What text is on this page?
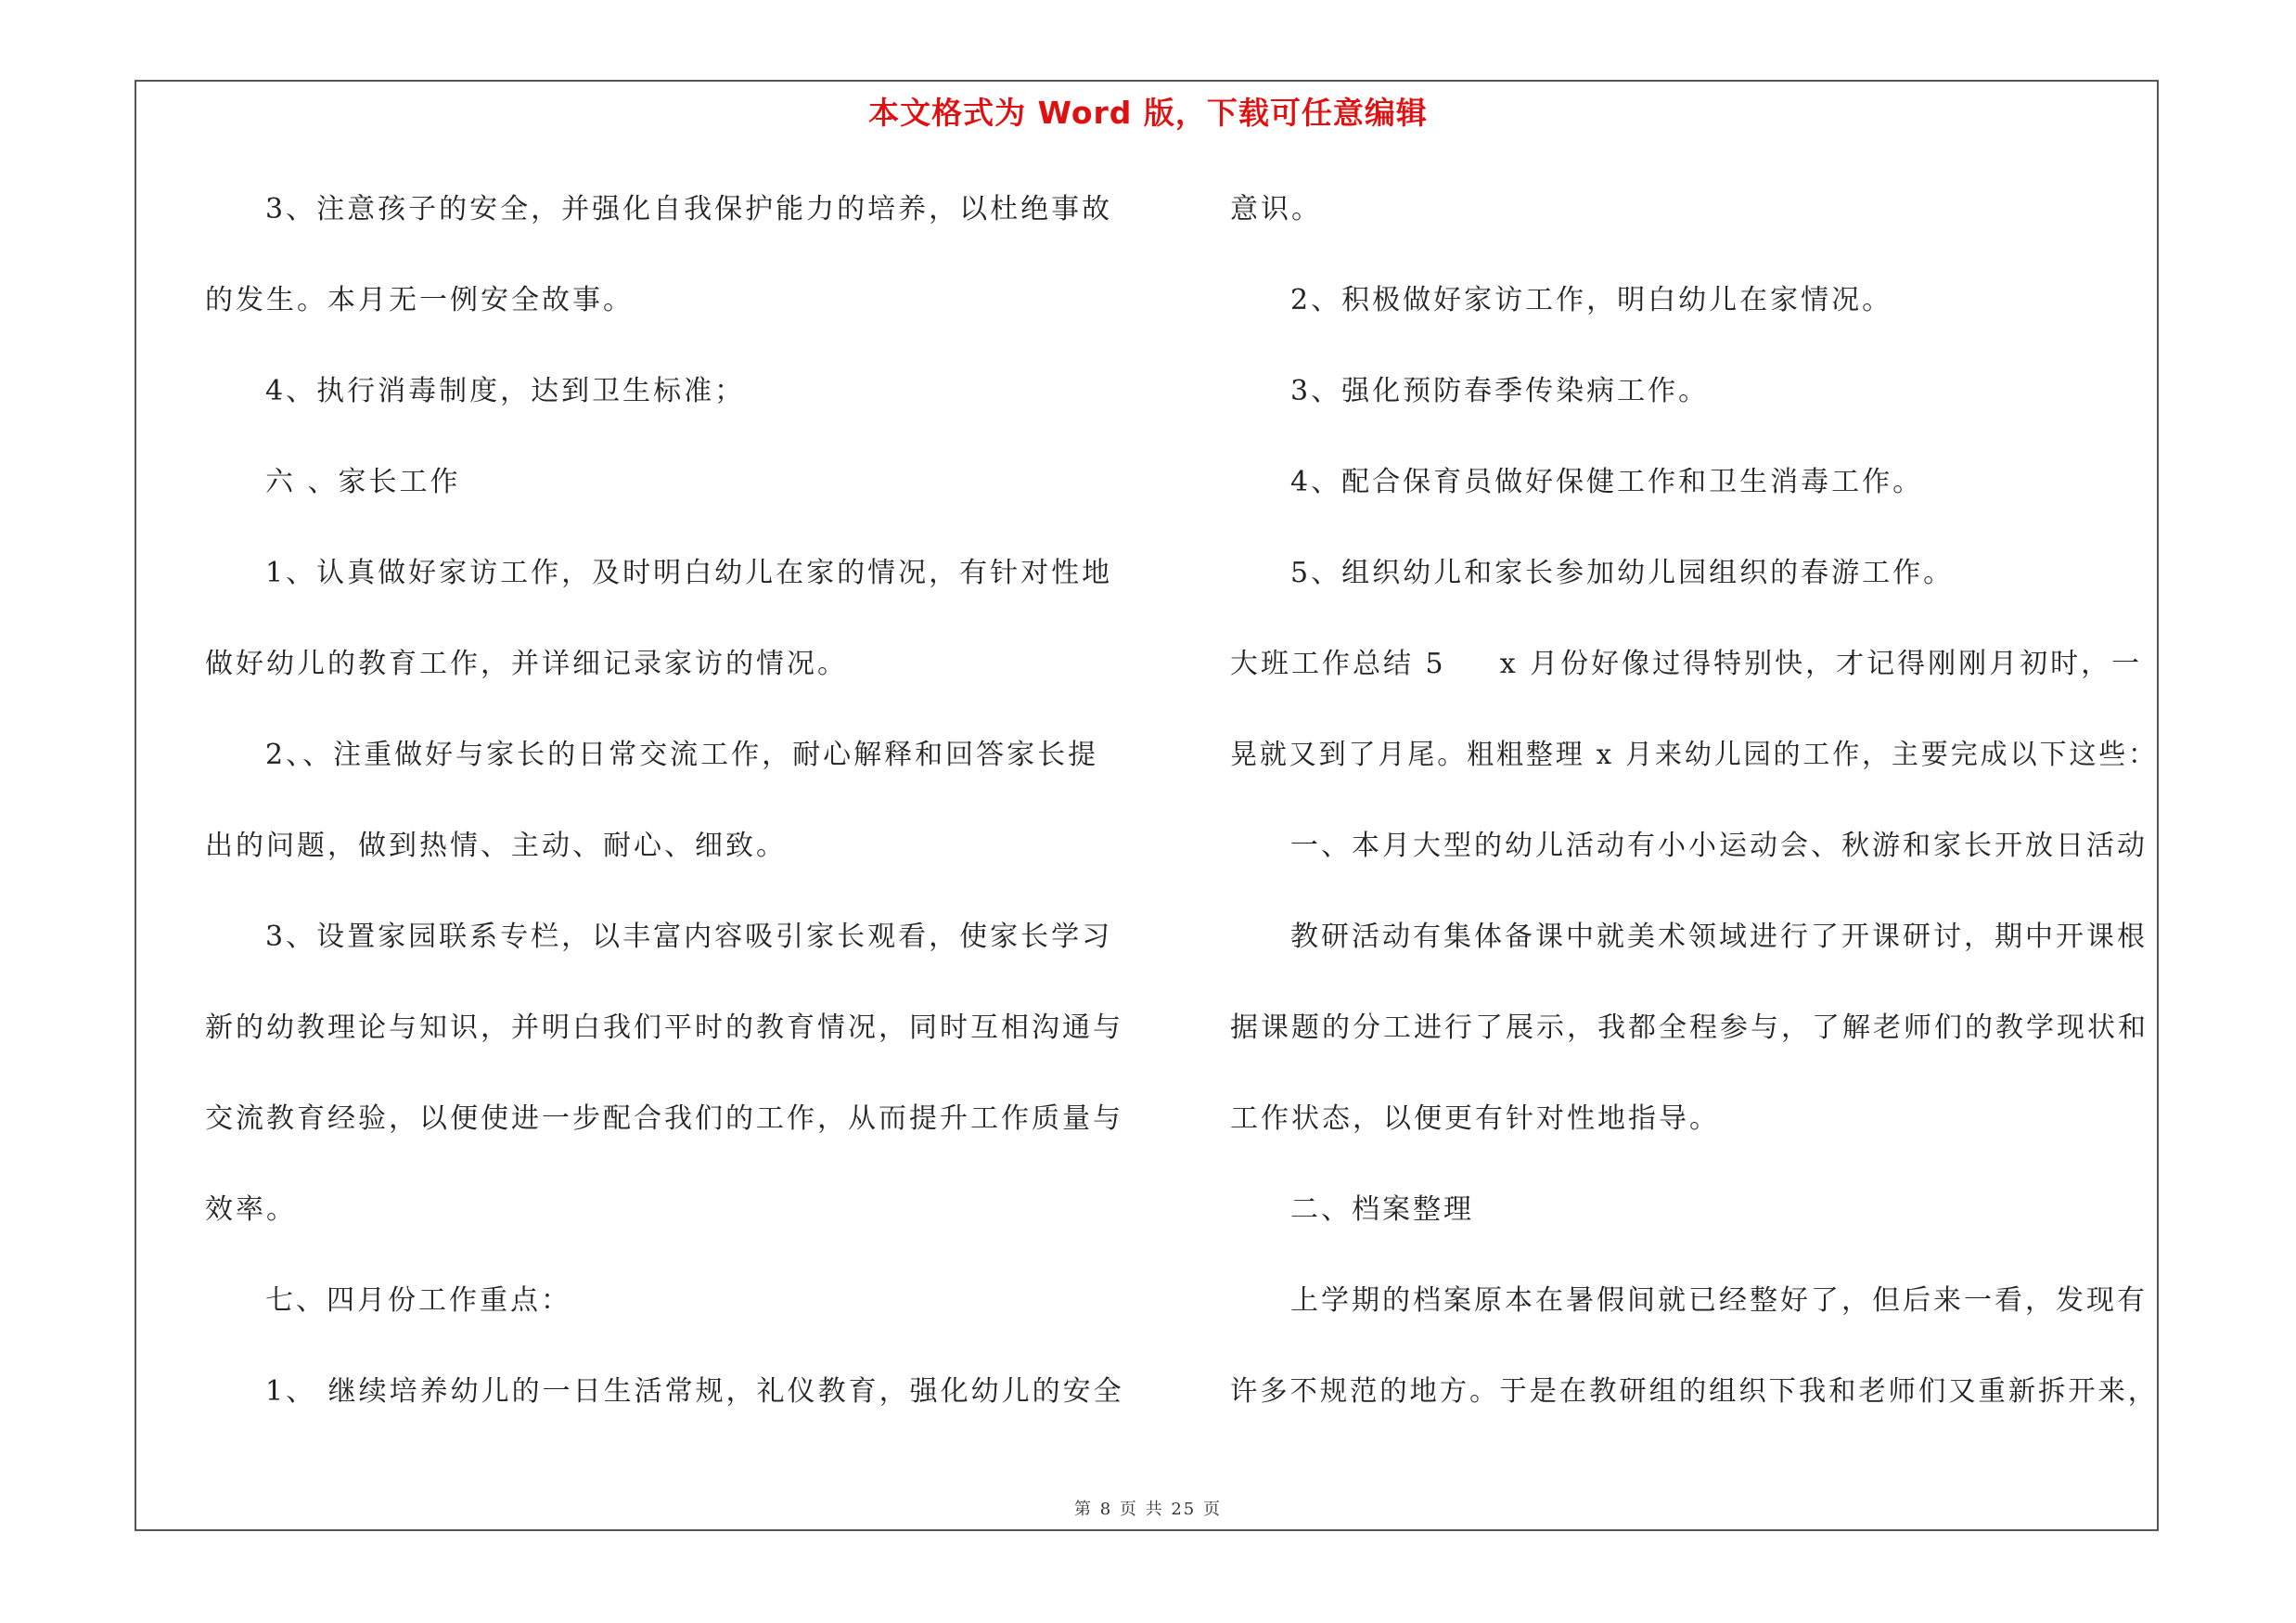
本文格式为 Word 版，下载可任意编辑
3、注意孩子的安全，并强化自我保护能力的培养，以杜绝事故
的发生。本月无一例安全故事。
4、执行消毒制度，达到卫生标准；
六 、家长工作
1、认真做好家访工作，及时明白幼儿在家的情况，有针对性地
做好幼儿的教育工作，并详细记录家访的情况。
2、、注重做好与家长的日常交流工作，耐心解释和回答家长提
出的问题，做到热情、主动、耐心、细致。
3、设置家园联系专栏，以丰富内容吸引家长观看，使家长学习
新的幼教理论与知识，并明白我们平时的教育情况，同时互相沟通与
交流教育经验，以便使进一步配合我们的工作，从而提升工作质量与
效率。
七、四月份工作重点：
1、 继续培养幼儿的一日生活常规，礼仪教育，强化幼儿的安全
意识。
2、积极做好家访工作，明白幼儿在家情况。
3、强化预防春季传染病工作。
4、配合保育员做好保健工作和卫生消毒工作。
5、组织幼儿和家长参加幼儿园组织的春游工作。
大班工作总结 5 　 x 月份好像过得特别快，才记得刚刚月初时，一
晃就又到了月尾。粗粗整理 x 月来幼儿园的工作，主要完成以下这些：
一、本月大型的幼儿活动有小小运动会、秋游和家长开放日活动
教研活动有集体备课中就美术领域进行了开课研讨，期中开课根
据课题的分工进行了展示，我都全程参与，了解老师们的教学现状和
工作状态，以便更有针对性地指导。
二、档案整理
上学期的档案原本在暑假间就已经整好了，但后来一看，发现有
许多不规范的地方。于是在教研组的组织下我和老师们又重新拆开来，
第 8 页 共 25 页
